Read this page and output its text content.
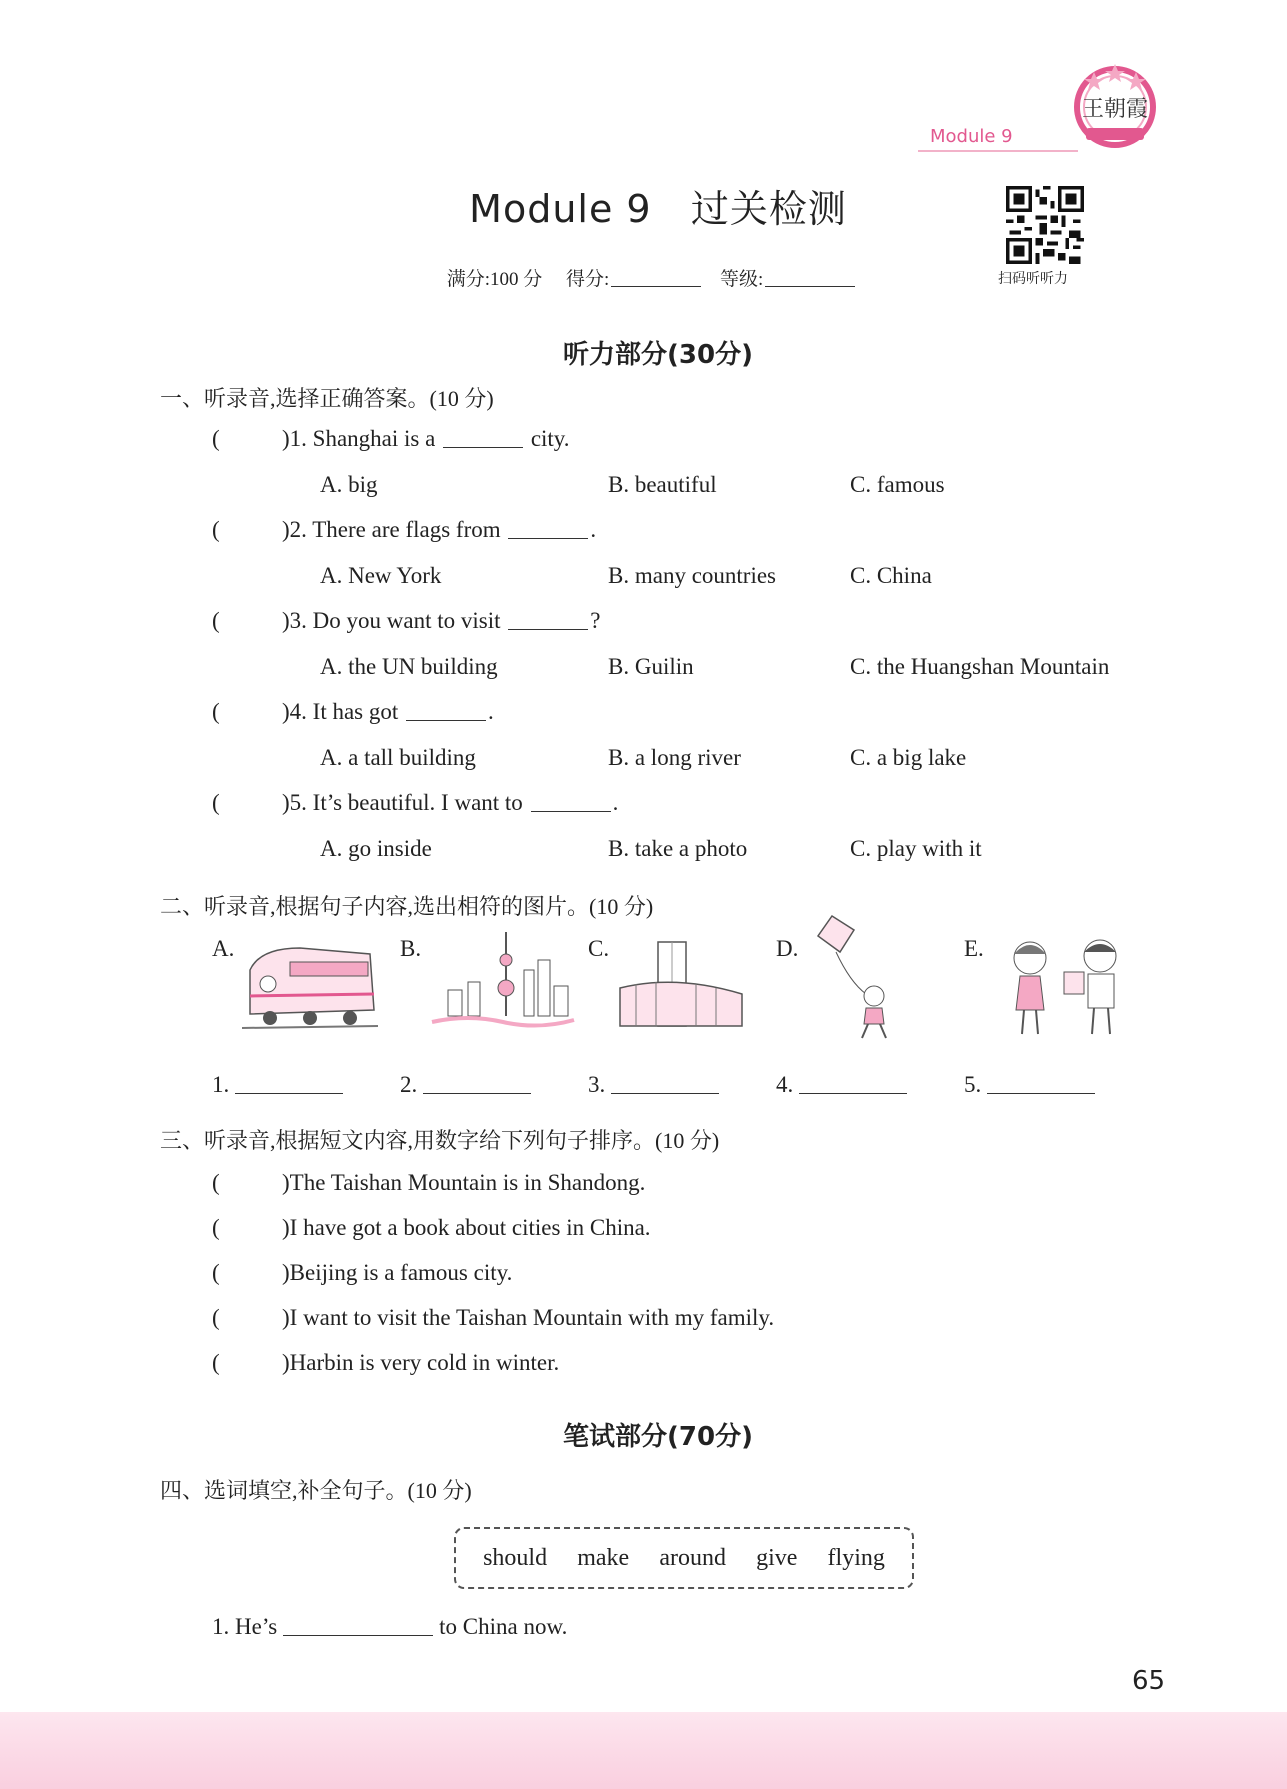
王朝霞
Module 9
Module 9   过关检测
满分:100 分 得分:	等级:	扫码听听力
听力部分(30分)
一、听录音,选择正确答案。(10 分)
(	)1. Shanghai is a	city.
A. big	B. beautiful	C. famous
(	)2. There are flags from	.
A. New York	B. many countries	C. China
(	)3. Do you want to visit	?
A. the UN building	B. Guilin	C. the Huangshan Mountain
(	)4. It has got	.
A. a tall building	B. a long river	C. a big lake
(	)5. It’s beautiful. I want to	.
A. go inside	B. take a photo	C. play with it
二、听录音,根据句子内容,选出相符的图片。(10 分)
A.	B.	C.	D.	E.
1.	2.	3.	4.	5.
三、听录音,根据短文内容,用数字给下列句子排序。(10 分)
(	)The Taishan Mountain is in Shandong.
(	)I have got a book about cities in China.
(	)Beijing is a famous city.
(	)I want to visit the Taishan Mountain with my family.
(	)Harbin is very cold in winter.
笔试部分(70分)
四、选词填空,补全句子。(10 分)
should make around give flying
1. He’s	to China now.
65
